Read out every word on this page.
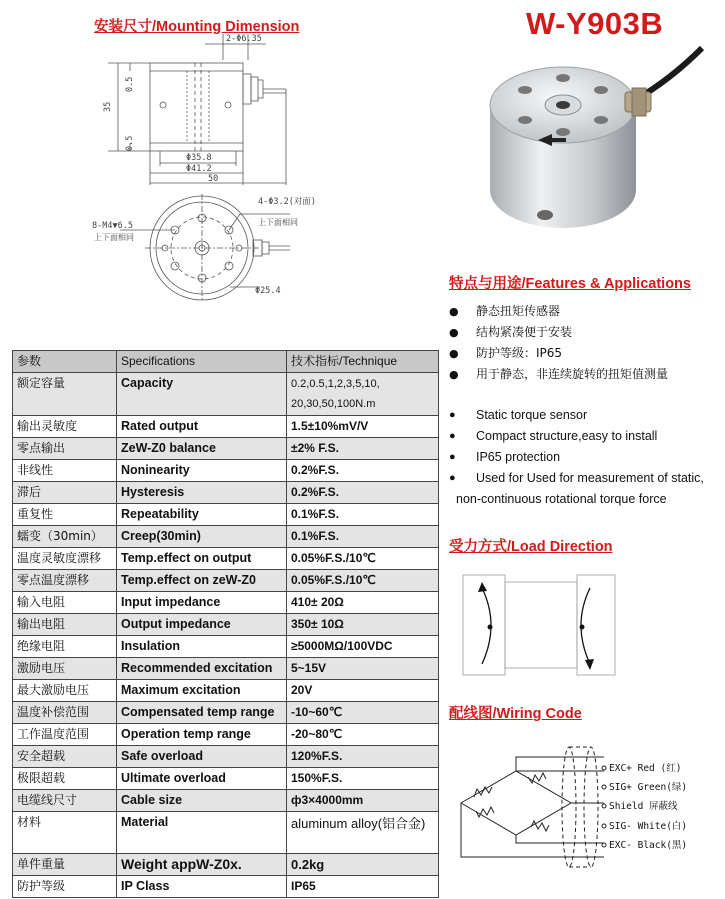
安装尺寸/Mounting Dimension	W-Y903B
2-Φ6.35
35
0.5
0.5
Φ35.8
Φ41.2
50
8-M4▼6.5
上下面相同
4-Φ3.2(对面)
上下面相同
Φ25.4
参数	Specifications	技术指标/Technique
额定容量	Capacity	0.2,0.5,1,2,3,5,10, 20,30,50,100N.m
输出灵敏度	Rated output	1.5±10%mV/V
零点输出	ZeW-Z0 balance	±2% F.S.
非线性	Noninearity	0.2%F.S.
滞后	Hysteresis	0.2%F.S.
重复性	Repeatability	0.1%F.S.
蠕变（30min）	Creep(30min)	0.1%F.S.
温度灵敏度漂移	Temp.effect on output	0.05%F.S./10℃
零点温度漂移	Temp.effect on zeW-Z0	0.05%F.S./10℃
输入电阻	Input impedance	410± 20Ω
输出电阻	Output impedance	350± 10Ω
绝缘电阻	Insulation	≥5000MΩ/100VDC
激励电压	Recommended excitation	5~15V
最大激励电压	Maximum excitation	20V
温度补偿范围	Compensated temp range	-10~60℃
工作温度范围	Operation temp range	-20~80℃
安全超载	Safe overload	120%F.S.
极限超载	Ultimate overload	150%F.S.
电缆线尺寸	Cable size	ф3×4000mm
材料	Material	aluminum alloy(铝合金)
单件重量	Weight appW-Z0x.	0.2kg
防护等级	IP Class	IP65
特点与用途/Features & Applications
● 静态扭矩传感器
● 结构紧凑便于安装
● 防护等级：IP65
● 用于静态，非连续旋转的扭矩值测量
● Static torque sensor
● Compact structure,easy to install
● IP65 protection
● Used for Used for measurement of static,
non-continuous rotational torque force
受力方式/Load Direction
配线图/Wiring Code
EXC+ Red (红)
SIG+ Green(绿)
Shield 屏蔽线
SIG- White(白)
EXC- Black(黑)
